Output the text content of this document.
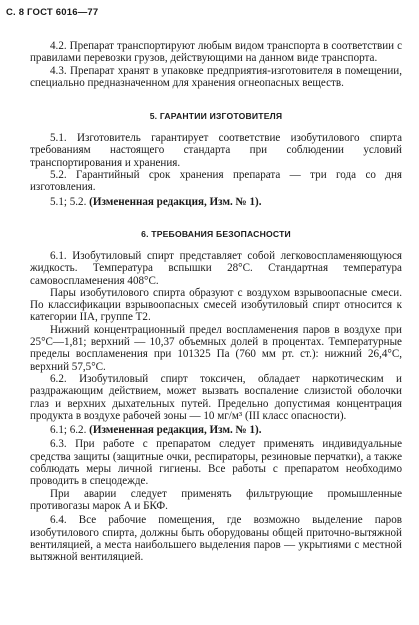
С. 8 ГОСТ 6016—77

4.2. Препарат транспортируют любым видом транспорта в соответствии с правилами перевозки грузов, действующими на данном виде транспорта.

4.3. Препарат хранят в упаковке предприятия-изготовителя в помещении, специально предназначенном для хранения огнеопасных веществ.

5. ГАРАНТИИ ИЗГОТОВИТЕЛЯ

5.1. Изготовитель гарантирует соответствие изобутилового спирта требованиям настоящего стандарта при соблюдении условий транспортирования и хранения.

5.2. Гарантийный срок хранения препарата — три года со дня изготовления.

5.1; 5.2. (Измененная редакция, Изм. № 1).

6. ТРЕБОВАНИЯ БЕЗОПАСНОСТИ

6.1. Изобутиловый спирт представляет собой легковоспламеняющуюся жидкость. Температура вспышки 28°С. Стандартная температура самовоспламенения 408°С.

Пары изобутилового спирта образуют с воздухом взрывоопасные смеси. По классификации взрывоопасных смесей изобутиловый спирт относится к категории IIА, группе Т2.

Нижний концентрационный предел воспламенения паров в воздухе при 25°С—1,81; верхний — 10,37 объемных долей в процентах. Температурные пределы воспламенения при 101325 Па (760 мм рт. ст.): нижний 26,4°С, верхний 57,5°С.

6.2. Изобутиловый спирт токсичен, обладает наркотическим и раздражающим действием, может вызвать воспаление слизистой оболочки глаз и верхних дыхательных путей. Предельно допустимая концентрация продукта в воздухе рабочей зоны — 10 мг/м³ (III класс опасности).

6.1; 6.2. (Измененная редакция, Изм. № 1).

6.3. При работе с препаратом следует применять индивидуальные средства защиты (защитные очки, респираторы, резиновые перчатки), а также соблюдать меры личной гигиены. Все работы с препаратом необходимо проводить в спецодежде.

При аварии следует применять фильтрующие промышленные противогазы марок А и БКФ.

6.4. Все рабочие помещения, где возможно выделение паров изобутилового спирта, должны быть оборудованы общей приточно-вытяжной вентиляцией, а места наибольшего выделения паров — укрытиями с местной вытяжной вентиляцией.
